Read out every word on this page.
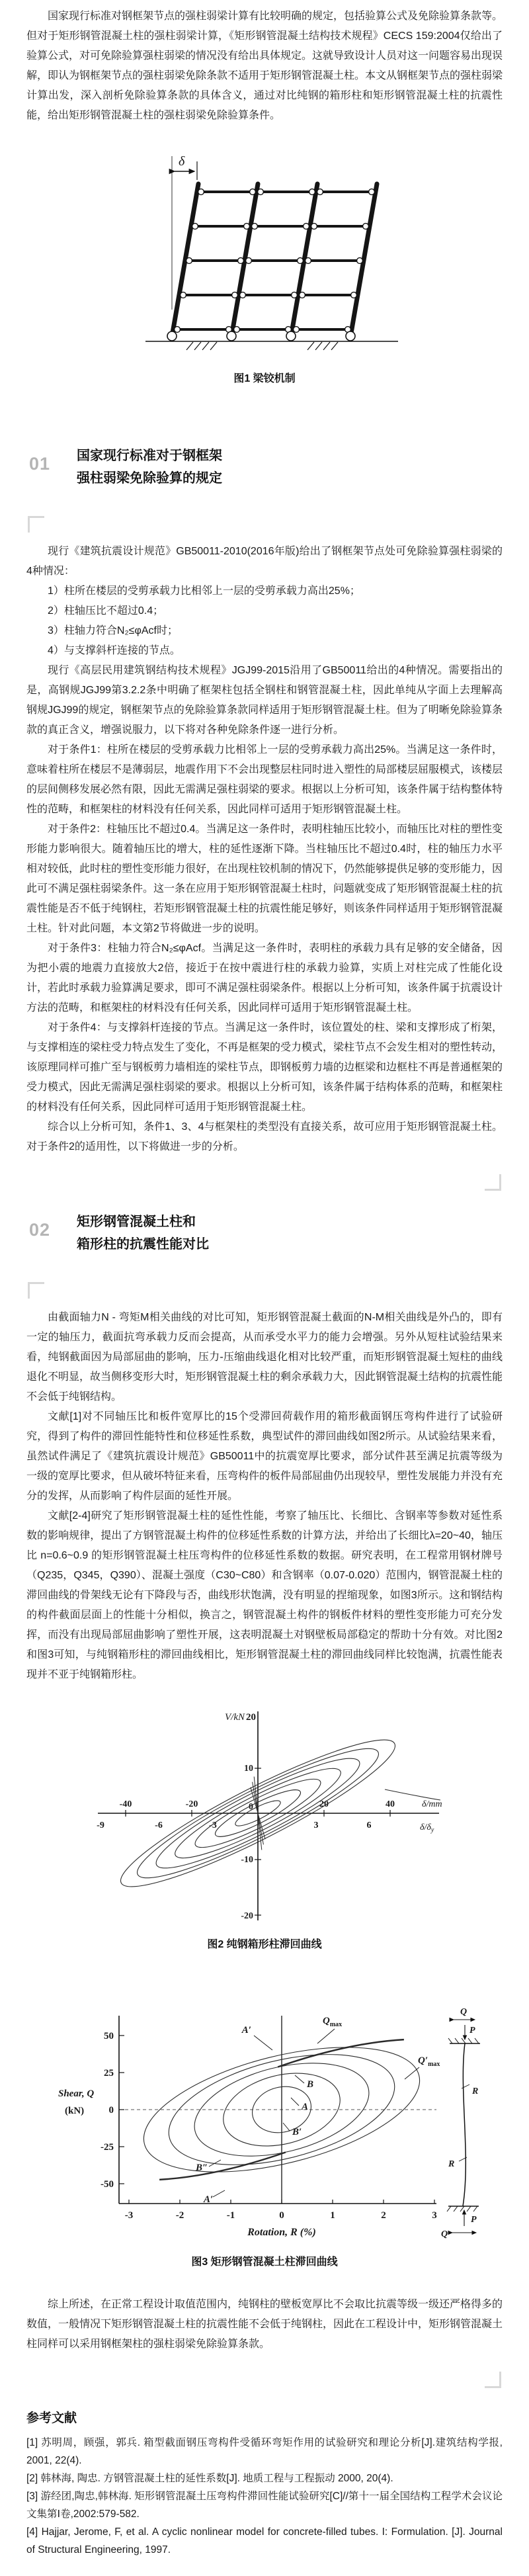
国家现行标准对钢框架节点的强柱弱梁计算有比较明确的规定，包括验算公式及免除验算条款等。但对于矩形钢管混凝土柱的强柱弱梁计算，《矩形钢管混凝土结构技术规程》CECS 159:2004仅给出了验算公式，对可免除验算强柱弱梁的情况没有给出具体规定。这就导致设计人员对这一问题容易出现误解，即认为钢框架节点的强柱弱梁免除条款不适用于矩形钢管混凝土柱。本文从钢框架节点的强柱弱梁计算出发，深入剖析免除验算条款的具体含义，通过对比纯钢的箱形柱和矩形钢管混凝土柱的抗震性能，给出矩形钢管混凝土柱的强柱弱梁免除验算条件。

δ
图1 梁铰机制
01 国家现行标准对于钢框架
强柱弱梁免除验算的规定

现行《建筑抗震设计规范》GB50011-2010(2016年版)给出了钢框架节点处可免除验算强柱弱梁的4种情况：

1）柱所在楼层的受剪承载力比相邻上一层的受剪承载力高出25%；

2）柱轴压比不超过0.4；

3）柱轴力符合N₂≤φAcf时；

4）与支撑斜杆连接的节点。

现行《高层民用建筑钢结构技术规程》JGJ99-2015沿用了GB50011给出的4种情况。需要指出的是，高钢规JGJ99第3.2.2条中明确了框架柱包括全钢柱和钢管混凝土柱，因此单纯从字面上去理解高钢规JGJ99的规定，钢框架节点的免除验算条款同样适用于矩形钢管混凝土柱。但为了明晰免除验算条款的真正含义，增强说服力，以下将对各种免除条件逐一进行分析。

对于条件1：柱所在楼层的受剪承载力比相邻上一层的受剪承载力高出25%。当满足这一条件时，意味着柱所在楼层不是薄弱层，地震作用下不会出现整层柱同时进入塑性的局部楼层屈服模式，该楼层的层间侧移发展必然有限，因此无需满足强柱弱梁的要求。根据以上分析可知，该条件属于结构整体特性的范畴，和框架柱的材料没有任何关系，因此同样可适用于矩形钢管混凝土柱。

对于条件2：柱轴压比不超过0.4。当满足这一条件时，表明柱轴压比较小，而轴压比对柱的塑性变形能力影响很大。随着轴压比的增大，柱的延性逐渐下降。当柱轴压比不超过0.4时，柱的轴压力水平相对较低，此时柱的塑性变形能力很好，在出现柱铰机制的情况下，仍然能够提供足够的变形能力，因此可不满足强柱弱梁条件。这一条在应用于矩形钢管混凝土柱时，问题就变成了矩形钢管混凝土柱的抗震性能是否不低于纯钢柱，若矩形钢管混凝土柱的抗震性能足够好，则该条件同样适用于矩形钢管混凝土柱。针对此问题，本文第2节将做进一步的说明。

对于条件3：柱轴力符合N₂≤φAcf。当满足这一条件时，表明柱的承载力具有足够的安全储备，因为把小震的地震力直接放大2倍，接近于在按中震进行柱的承载力验算，实质上对柱完成了性能化设计，若此时承载力验算满足要求，即可不满足强柱弱梁条件。根据以上分析可知，该条件属于抗震设计方法的范畴，和框架柱的材料没有任何关系，因此同样可适用于矩形钢管混凝土柱。

对于条件4：与支撑斜杆连接的节点。当满足这一条件时，该位置处的柱、梁和支撑形成了桁架，与支撑相连的梁柱受力特点发生了变化，不再是框架的受力模式，梁柱节点不会发生相对的塑性转动，该原理同样可推广至与钢板剪力墙相连的梁柱节点，即钢板剪力墙的边框梁和边框柱不再是普通框架的受力模式，因此无需满足强柱弱梁的要求。根据以上分析可知，该条件属于结构体系的范畴，和框架柱的材料没有任何关系，因此同样可适用于矩形钢管混凝土柱。

综合以上分析可知，条件1、3、4与框架柱的类型没有直接关系，故可应用于矩形钢管混凝土柱。对于条件2的适用性，以下将做进一步的分析。

02 矩形钢管混凝土柱和
箱形柱的抗震性能对比

由截面轴力N - 弯矩M相关曲线的对比可知，矩形钢管混凝土截面的N-M相关曲线是外凸的，即有一定的轴压力，截面抗弯承载力反而会提高，从而承受水平力的能力会增强。另外从短柱试验结果来看，纯钢截面因为局部屈曲的影响，压力-压缩曲线退化相对比较严重，而矩形钢管混凝土短柱的曲线退化不明显，故当侧移变形大时，矩形钢管混凝土柱的剩余承载力大，因此钢管混凝土结构的抗震性能不会低于纯钢结构。

文献[1]对不同轴压比和板件宽厚比的15个受滞回荷载作用的箱形截面钢压弯构件进行了试验研究，得到了构件的滞回性能特性和位移延性系数，典型试件的滞回曲线如图2所示。从试验结果来看，虽然试件满足了《建筑抗震设计规范》GB50011中的抗震宽厚比要求，部分试件甚至满足抗震等级为一级的宽厚比要求，但从破坏特征来看，压弯构件的板件局部屈曲仍出现较早，塑性发展能力并没有充分的发挥，从而影响了构件层面的延性开展。

文献[2-4]研究了矩形钢管混凝土柱的延性性能，考察了轴压比、长细比、含钢率等参数对延性系数的影响规律，提出了方钢管混凝土构件的位移延性系数的计算方法，并给出了长细比λ=20~40，轴压比 n=0.6~0.9 的矩形钢管混凝土柱压弯构件的位移延性系数的数据。研究表明，在工程常用钢材牌号（Q235，Q345，Q390）、混凝土强度（C30~C80）和含钢率（0.07-0.020）范围内，钢管混凝土柱的滞回曲线的骨架线无论有下降段与否，曲线形状饱满，没有明显的捏缩现象，如图3所示。这和钢结构的构件截面层面上的性能十分相似，换言之，钢管混凝土构件的钢板件材料的塑性变形能力可充分发挥，而没有出现局部屈曲影响了塑性开展，这表明混凝土对钢壁板局部稳定的帮助十分有效。对比图2和图3可知，与纯钢箱形柱的滞回曲线相比，矩形钢管混凝土柱的滞回曲线同样比较饱满，抗震性能表现并不亚于纯钢箱形柱。

V/kN 20
10
0
-10
-20
-40	-20	20	40	δ/mm
-9	-6	-3	3	6	$\delta/\delta_y$
图2 纯钢箱形柱滞回曲线
50
25
0
-25
-50
Shear, Q
(kN)
-3	-2	-1	0	1	2	3
Rotation, R (%)
A′
$Q_{max}$
$Q'_{max}$
B
A
B′
B″
A′
Q
P
R
R
P
Q
图3 矩形钢管混凝土柱滞回曲线

综上所述，在正常工程设计取值范围内，纯钢柱的壁板宽厚比不会取比抗震等级一级还严格得多的数值，一般情况下矩形钢管混凝土柱的抗震性能不会低于纯钢柱，因此在工程设计中，矩形钢管混凝土柱同样可以采用钢框架柱的强柱弱梁免除验算条款。

参考文献

[1] 苏明周，顾强，郭兵. 箱型截面钢压弯构件受循环弯矩作用的试验研究和理论分析[J].建筑结构学报, 2001, 22(4).

[2] 韩林海, 陶忠. 方钢管混凝土柱的延性系数[J]. 地质工程与工程振动 2000, 20(4).

[3] 游经团,陶忠,韩林海. 矩形钢管混凝土压弯构件滞回性能试验研究[C]//第十一届全国结构工程学术会议论文集第Ⅰ卷,2002:579-582.

[4] Hajjar, Jerome, F, et al. A cyclic nonlinear model for concrete-filled tubes. I: Formulation. [J]. Journal of Structural Engineering, 1997.
